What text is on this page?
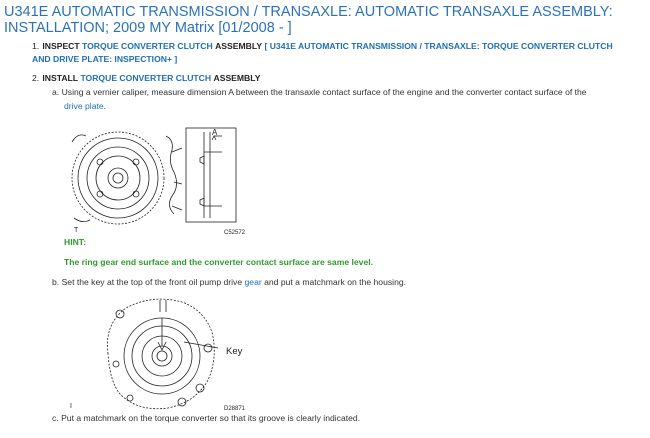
U341E AUTOMATIC TRANSMISSION / TRANSAXLE: AUTOMATIC TRANSAXLE ASSEMBLY: INSTALLATION; 2009 MY Matrix [01/2008 - ]
1. INSPECT TORQUE CONVERTER CLUTCH ASSEMBLY [ U341E AUTOMATIC TRANSMISSION / TRANSAXLE: TORQUE CONVERTER CLUTCH AND DRIVE PLATE: INSPECTION+ ]
2. INSTALL TORQUE CONVERTER CLUTCH ASSEMBLY
a. Using a vernier caliper, measure dimension A between the transaxle contact surface of the engine and the converter contact surface of the
drive plate.
A
C52572
T
HINT:
The ring gear end surface and the converter contact surface are same level.
b. Set the key at the top of the front oil pump drive gear and put a matchmark on the housing.
Key
D28871
I
c. Put a matchmark on the torque converter so that its groove is clearly indicated.
